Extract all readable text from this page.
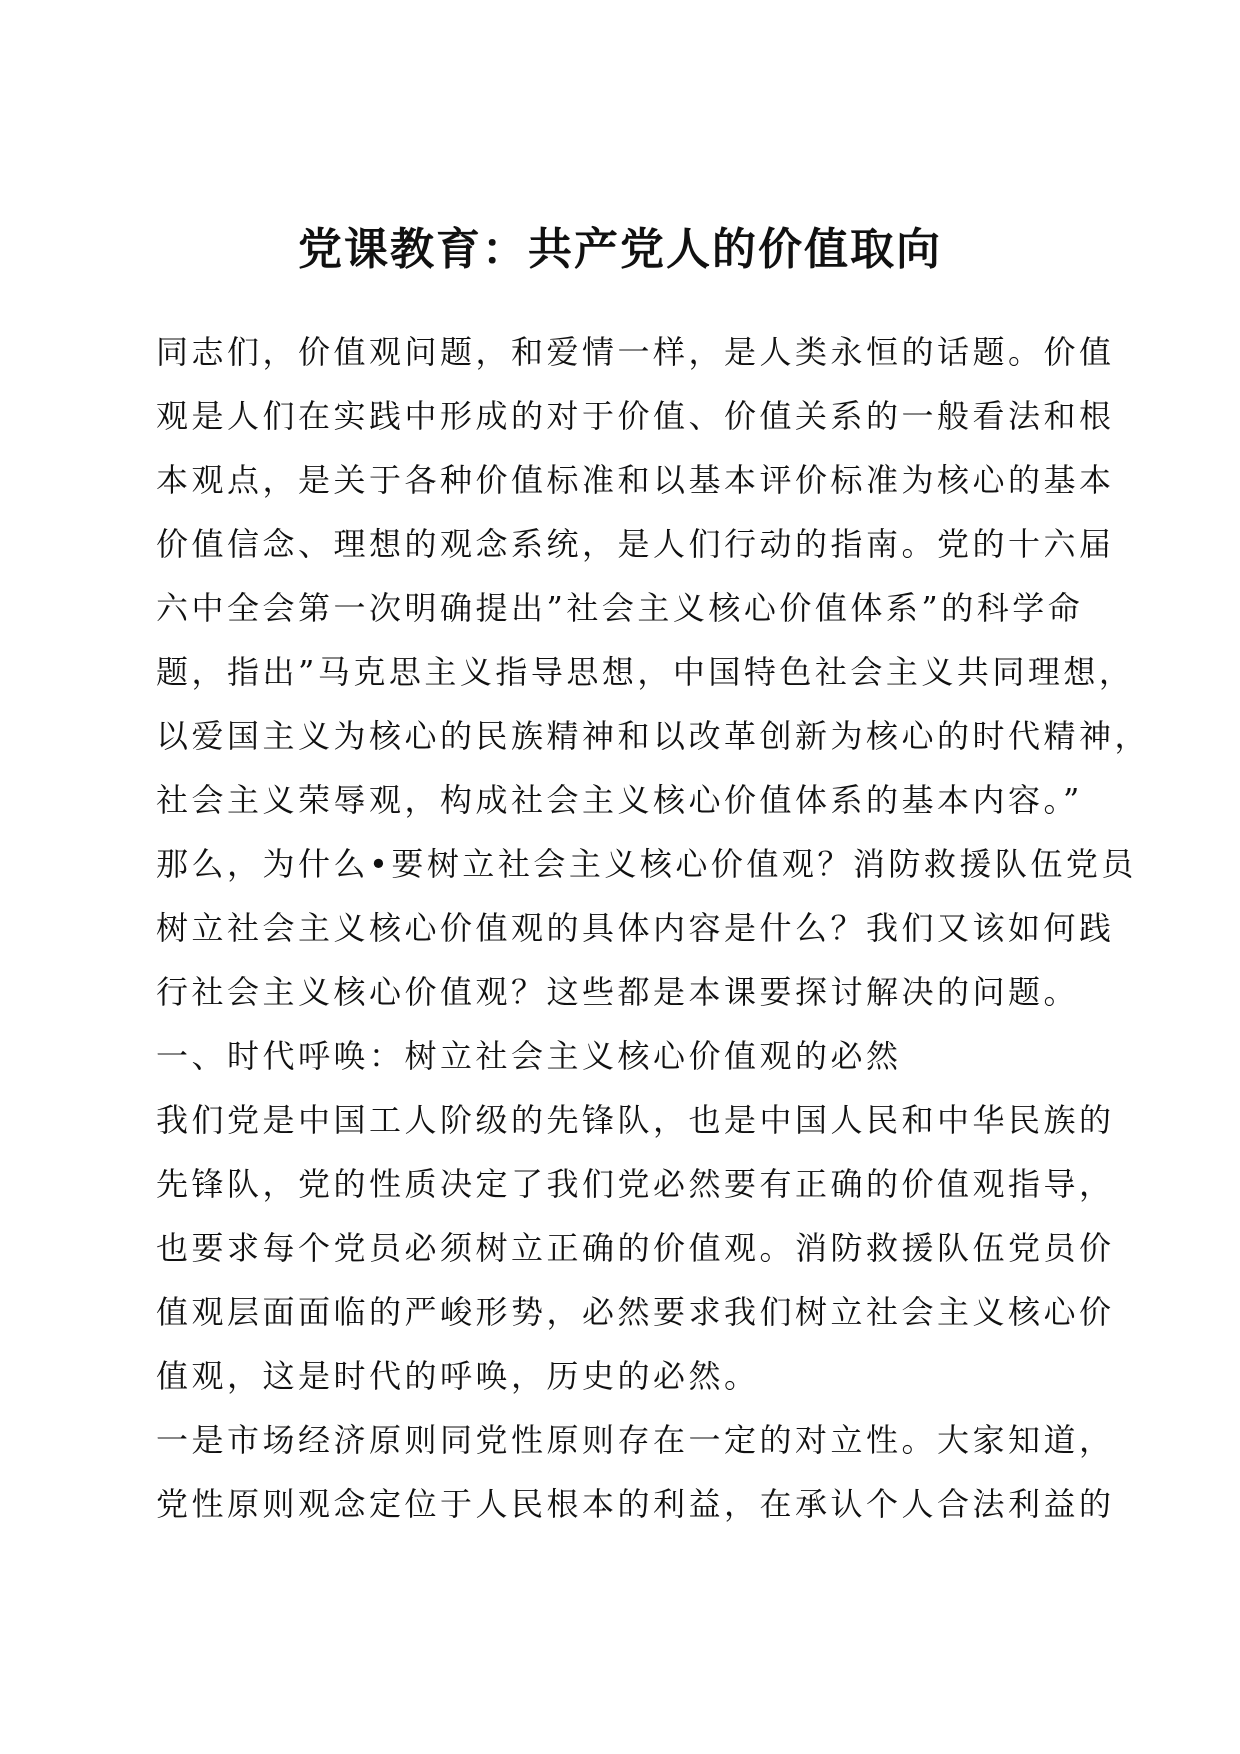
党课教育：共产党人的价值取向
同志们，价值观问题，和爱情一样，是人类永恒的话题。价值
观是人们在实践中形成的对于价值、价值关系的一般看法和根
本观点，是关于各种价值标准和以基本评价标准为核心的基本
价值信念、理想的观念系统，是人们行动的指南。党的十六届
六中全会第一次明确提出”社会主义核心价值体系”的科学命
题，指出”马克思主义指导思想，中国特色社会主义共同理想，
以爱国主义为核心的民族精神和以改革创新为核心的时代精神，
社会主义荣辱观，构成社会主义核心价值体系的基本内容。”
那么，为什么•要树立社会主义核心价值观？消防救援队伍党员
树立社会主义核心价值观的具体内容是什么？我们又该如何践
行社会主义核心价值观？这些都是本课要探讨解决的问题。
一、时代呼唤：树立社会主义核心价值观的必然
我们党是中国工人阶级的先锋队，也是中国人民和中华民族的
先锋队，党的性质决定了我们党必然要有正确的价值观指导，
也要求每个党员必须树立正确的价值观。消防救援队伍党员价
值观层面面临的严峻形势，必然要求我们树立社会主义核心价
值观，这是时代的呼唤，历史的必然。
一是市场经济原则同党性原则存在一定的对立性。大家知道，
党性原则观念定位于人民根本的利益，在承认个人合法利益的
